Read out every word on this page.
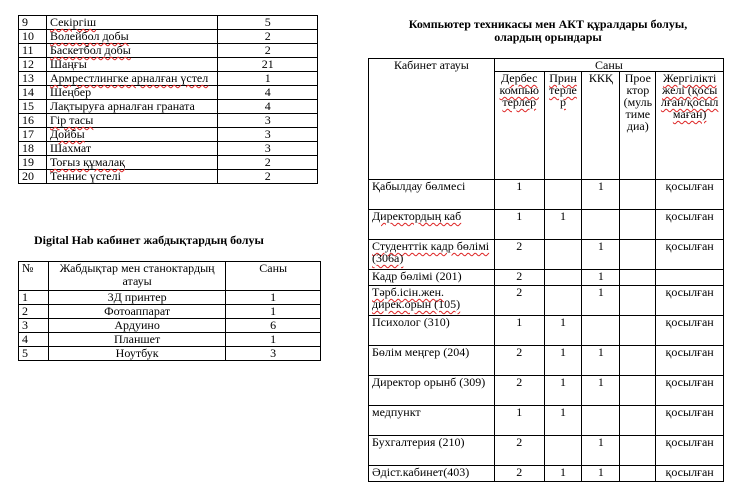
9	Секіргіш	5
10	Волейбол добы	2
11	Баскетбол добы	2
12	Шаңғы	21
13	Армрестлингке арналған үстел	1
14	Шеңбер	4
15	Лақтыруға арналған граната	4
16	Гір тасы	3
17	Дойбы	3
18	Шахмат	3
19	Тоғыз құмалақ	2
20	Теннис үстелі	2
Digital Hab кабинет жабдықтардың болуы
№	Жабдықтар мен станоктардың атауы	Саны
1	3Д принтер	1
2	Фотоаппарат	1
3	Ардуино	6
4	Планшет	1
5	Ноутбук	3
Компьютер техникасы мен АКТ құралдары болуы, олардың орындары
Кабинет атауы	Саны				
	Дербес компьютерлер	Принтерлер	ККҚ	Проектор (мультимедиа)	Жергілікті желі (қосылған/қосылмаған)
Қабылдау бөлмесі	1		1		қосылған
Директордың каб	1	1			қосылған
Студенттік кадр бөлімі (306а)	2		1		қосылған
Кадр бөлімі (201)	2		1		
Тәрб.ісін.жен. дирек.орын (105)	2		1		қосылған
Психолог (310)	1	1			қосылған
Бөлім меңгер (204)	2	1	1		қосылған
Директор орынб (309)	2	1	1		қосылған
медпункт	1	1			қосылған
Бухгалтерия (210)	2		1		қосылған
Әдіст.кабинет(403)	2	1	1		қосылған
